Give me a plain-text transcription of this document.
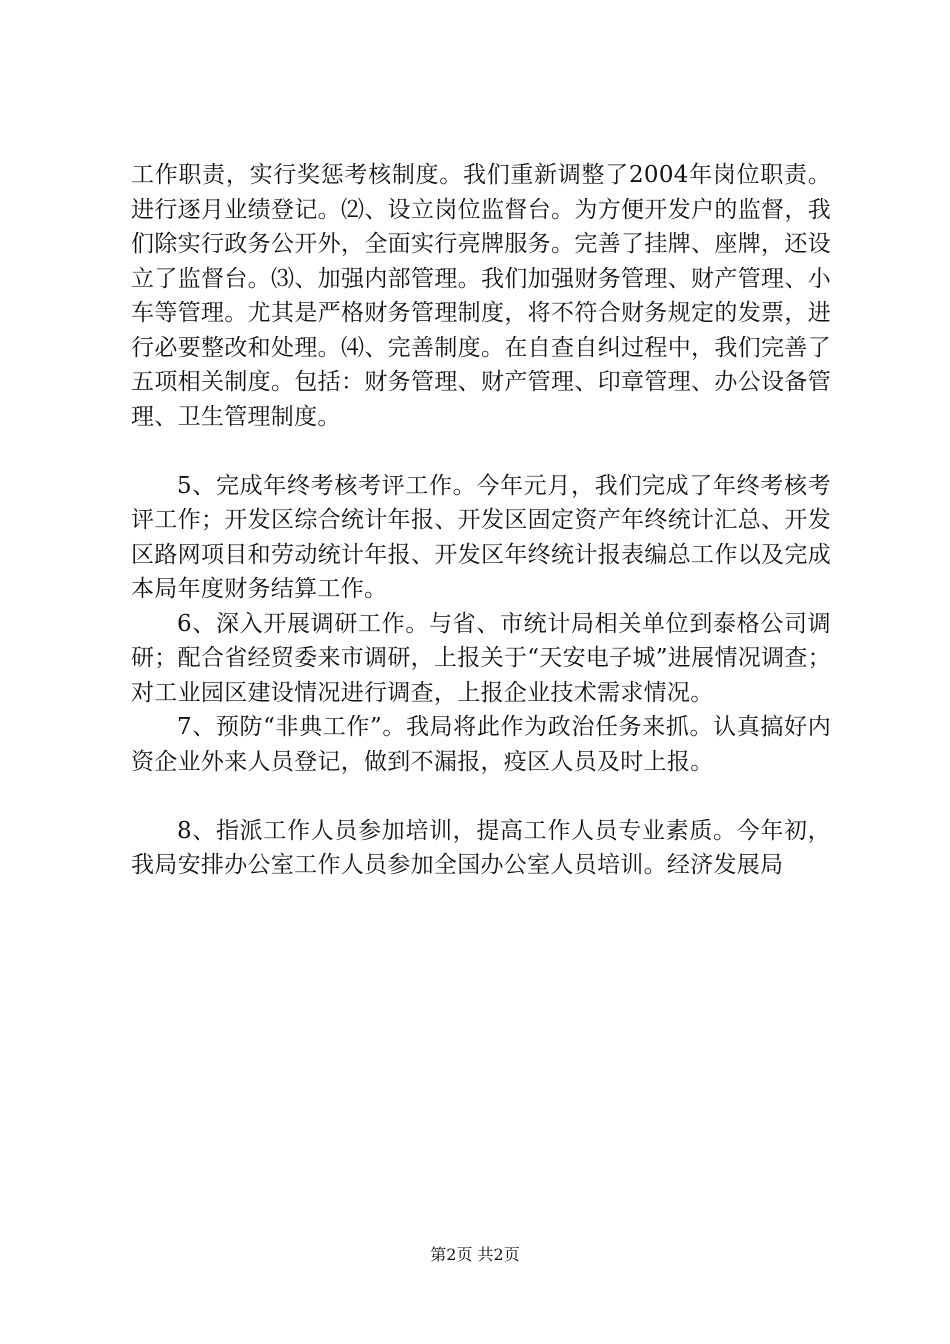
工作职责，实行奖惩考核制度。我们重新调整了2004年岗位职责。进行逐月业绩登记。⑵、设立岗位监督台。为方便开发户的监督，我们除实行政务公开外，全面实行亮牌服务。完善了挂牌、座牌，还设立了监督台。⑶、加强内部管理。我们加强财务管理、财产管理、小车等管理。尤其是严格财务管理制度，将不符合财务规定的发票，进行必要整改和处理。⑷、完善制度。在自查自纠过程中，我们完善了五项相关制度。包括：财务管理、财产管理、印章管理、办公设备管理、卫生管理制度。

5、完成年终考核考评工作。今年元月，我们完成了年终考核考评工作；开发区综合统计年报、开发区固定资产年终统计汇总、开发区路网项目和劳动统计年报、开发区年终统计报表编总工作以及完成本局年度财务结算工作。

6、深入开展调研工作。与省、市统计局相关单位到泰格公司调研；配合省经贸委来市调研，上报关于“天安电子城”进展情况调查；对工业园区建设情况进行调查，上报企业技术需求情况。

7、预防“非典工作”。我局将此作为政治任务来抓。认真搞好内资企业外来人员登记，做到不漏报，疫区人员及时上报。

8、指派工作人员参加培训，提高工作人员专业素质。今年初，我局安排办公室工作人员参加全国办公室人员培训。经济发展局

第2页 共2页
